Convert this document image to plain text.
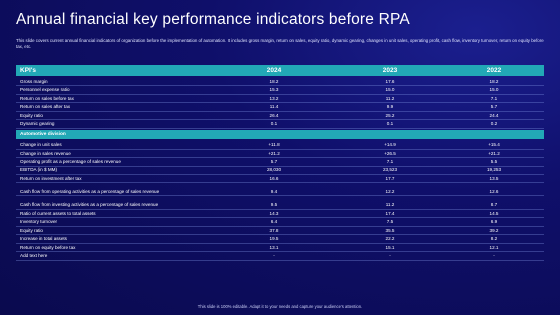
Annual financial key performance indicators before RPA
This slide covers current annual financial indicators of organization before the implementation of automation. It includes gross margin, return on sales, equity ratio, dynamic gearing, changes in unit sales, operating profit, cash flow, inventory turnover, return on equity before tax, etc.
KPI's	2024	2023	2022
Gross margin	18.2	17.6	18.2
Personnel expense ratio	15.3	15.0	15.0
Return on sales before tax	13.2	11.2	7.1
Return on sales after tax	11.4	9.9	5.7
Equity ratio	26.4	25.2	24.4
Dynamic gearing	0.1	0.1	0.2
Automotive division
Change in unit sales	+11.8	+14.9	+15.4
Change in sales revenue	+21.2	+26.5	+21.2
Operating profit as a percentage of sales revenue	5.7	7.1	5.5
EBITDA (in $ MM)	28,030	23,523	19,253
Return on investment after tax	16.6	17.7	13.5
Cash flow from operating activities as a percentage of sales revenue	9.4	12.2	12.6
Cash flow from investing activities as a percentage of sales revenue	9.5	11.2	8.7
Ratio of current assets to total assets	14.3	17.4	14.5
Inventory turnover	6.4	7.5	6.9
Equity ratio	37.8	35.5	39.2
Increase in total assets	19.5	22.2	8.2
Return on equity before tax	13.1	15.1	12.1
Add text here	-	-	-
This slide is 100% editable. Adapt it to your needs and capture your audience's attention.
